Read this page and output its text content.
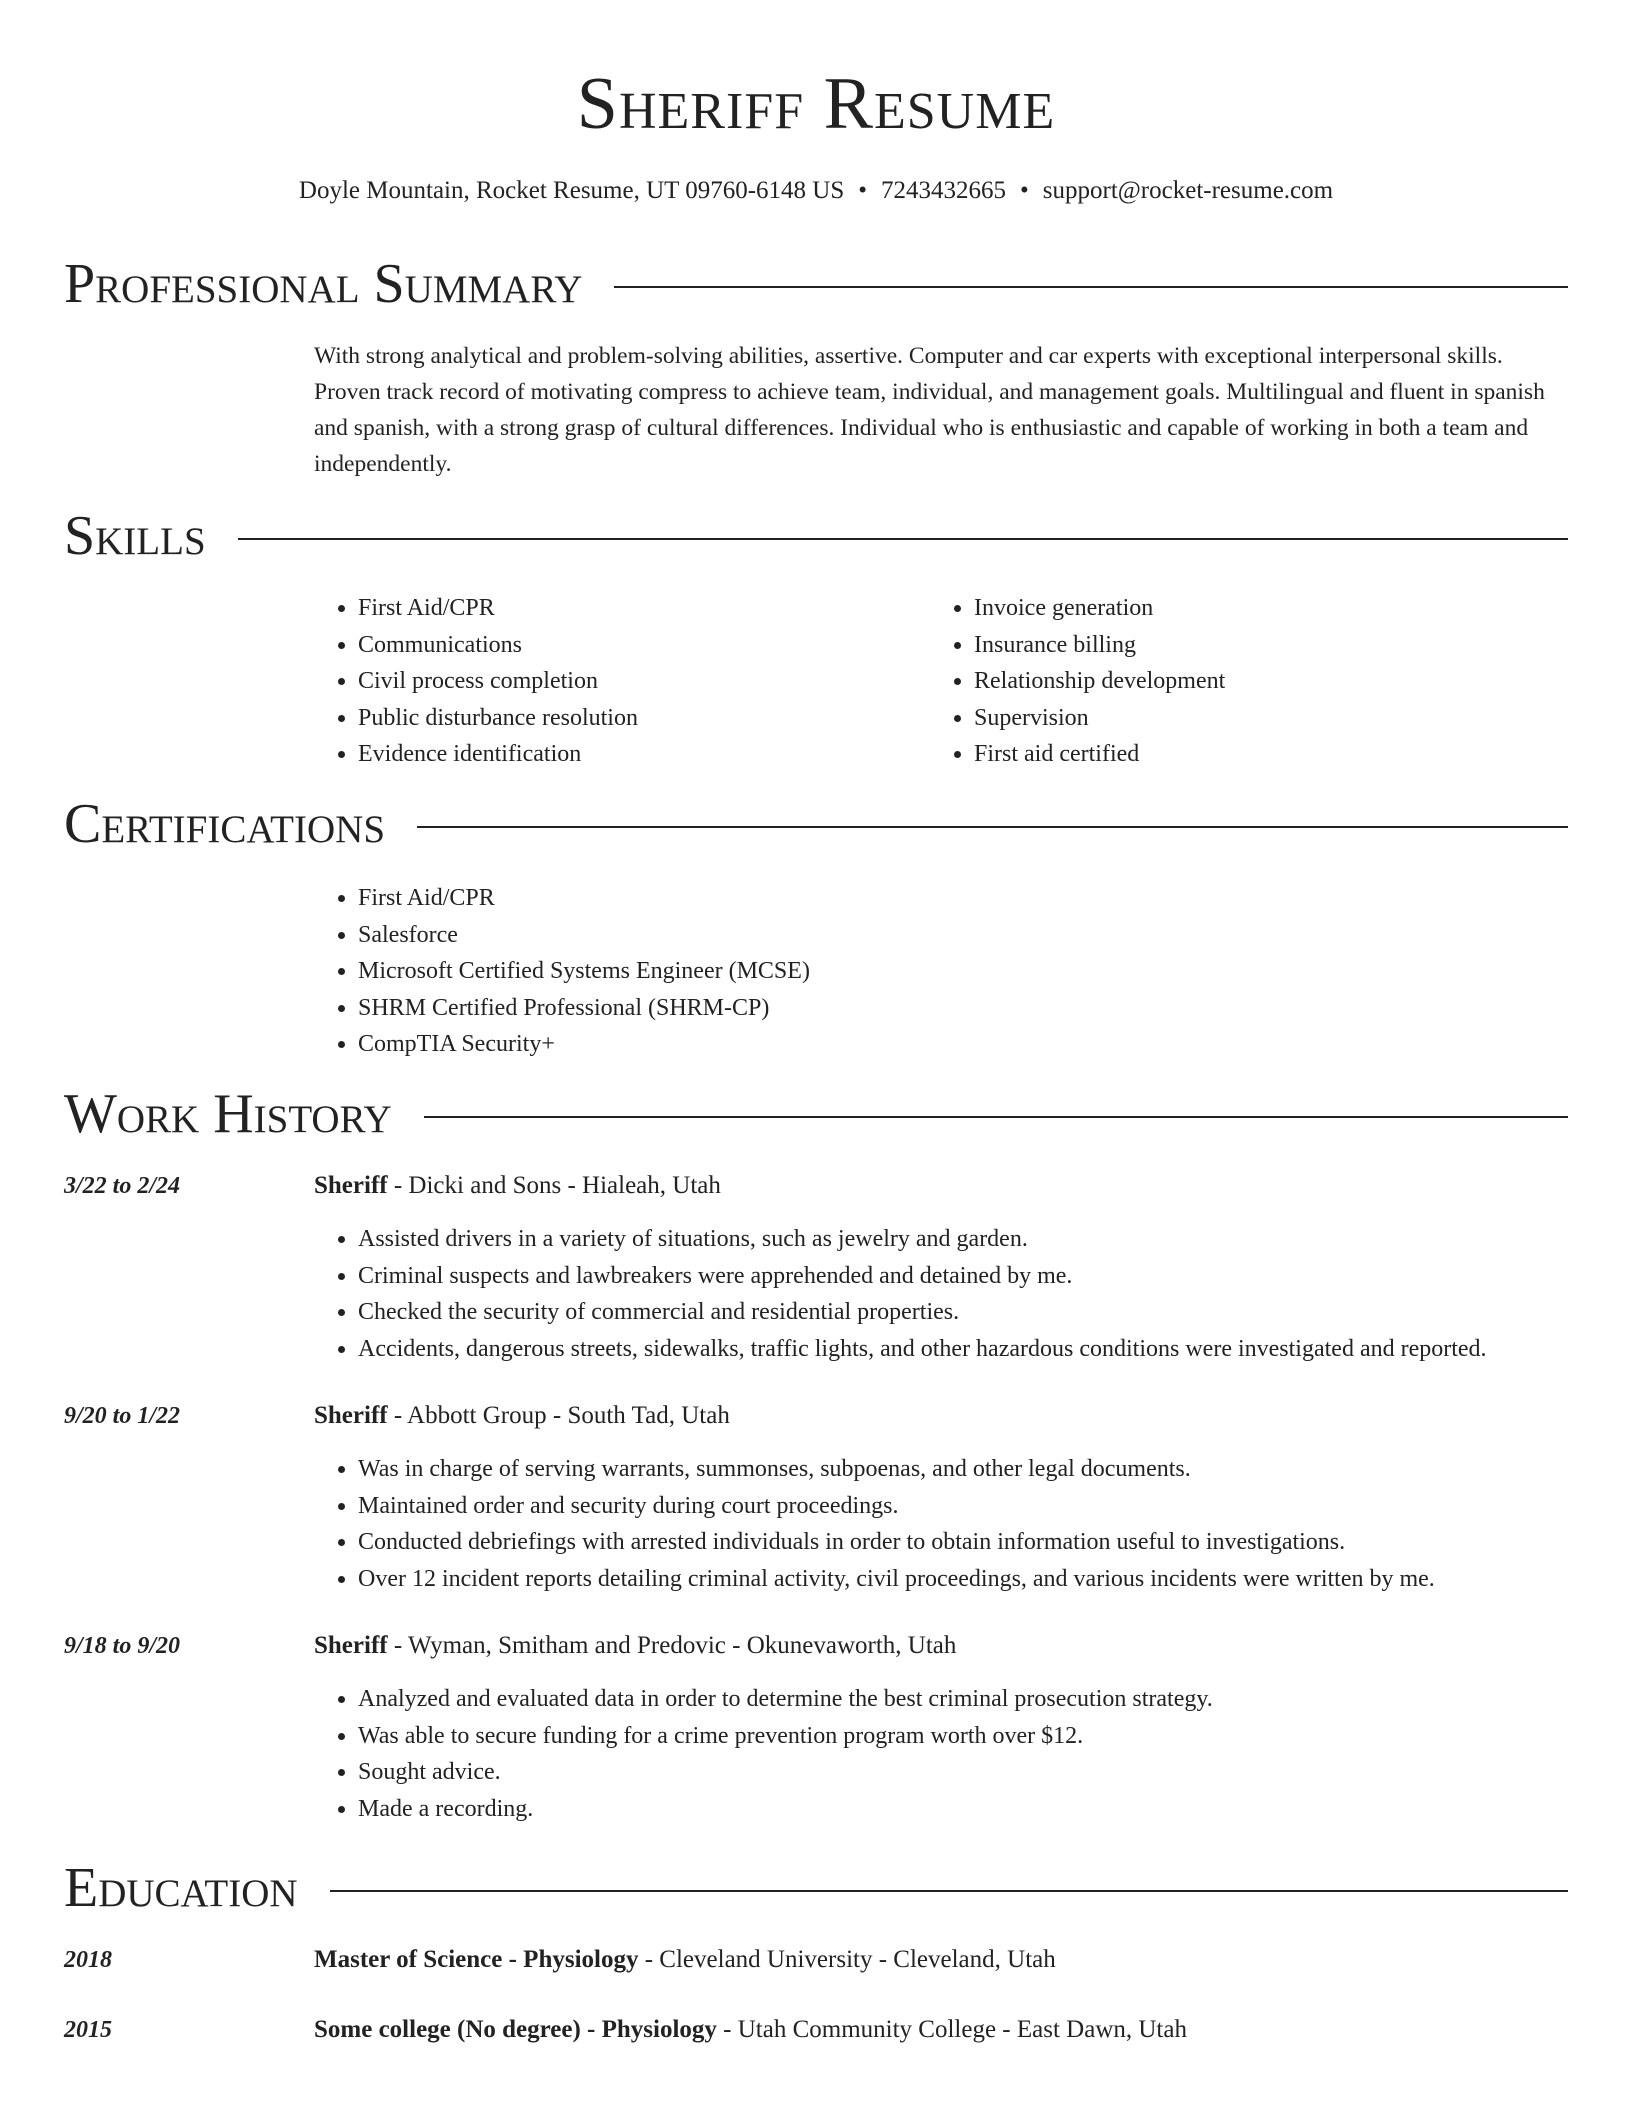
Sheriff Resume
Doyle Mountain, Rocket Resume, UT 09760-6148 US • 7243432665 • support@rocket-resume.com
Professional Summary
With strong analytical and problem-solving abilities, assertive. Computer and car experts with exceptional interpersonal skills. Proven track record of motivating compress to achieve team, individual, and management goals. Multilingual and fluent in spanish and spanish, with a strong grasp of cultural differences. Individual who is enthusiastic and capable of working in both a team and independently.
Skills
• First Aid/CPR
• Communications
• Civil process completion
• Public disturbance resolution
• Evidence identification
• Invoice generation
• Insurance billing
• Relationship development
• Supervision
• First aid certified
Certifications
• First Aid/CPR
• Salesforce
• Microsoft Certified Systems Engineer (MCSE)
• SHRM Certified Professional (SHRM-CP)
• CompTIA Security+
Work History
3/22 to 2/24	Sheriff - Dicki and Sons - Hialeah, Utah
• Assisted drivers in a variety of situations, such as jewelry and garden.
• Criminal suspects and lawbreakers were apprehended and detained by me.
• Checked the security of commercial and residential properties.
• Accidents, dangerous streets, sidewalks, traffic lights, and other hazardous conditions were investigated and reported.
9/20 to 1/22	Sheriff - Abbott Group - South Tad, Utah
• Was in charge of serving warrants, summonses, subpoenas, and other legal documents.
• Maintained order and security during court proceedings.
• Conducted debriefings with arrested individuals in order to obtain information useful to investigations.
• Over 12 incident reports detailing criminal activity, civil proceedings, and various incidents were written by me.
9/18 to 9/20	Sheriff - Wyman, Smitham and Predovic - Okunevaworth, Utah
• Analyzed and evaluated data in order to determine the best criminal prosecution strategy.
• Was able to secure funding for a crime prevention program worth over $12.
• Sought advice.
• Made a recording.
Education
2018	Master of Science - Physiology - Cleveland University - Cleveland, Utah
2015	Some college (No degree) - Physiology - Utah Community College - East Dawn, Utah
